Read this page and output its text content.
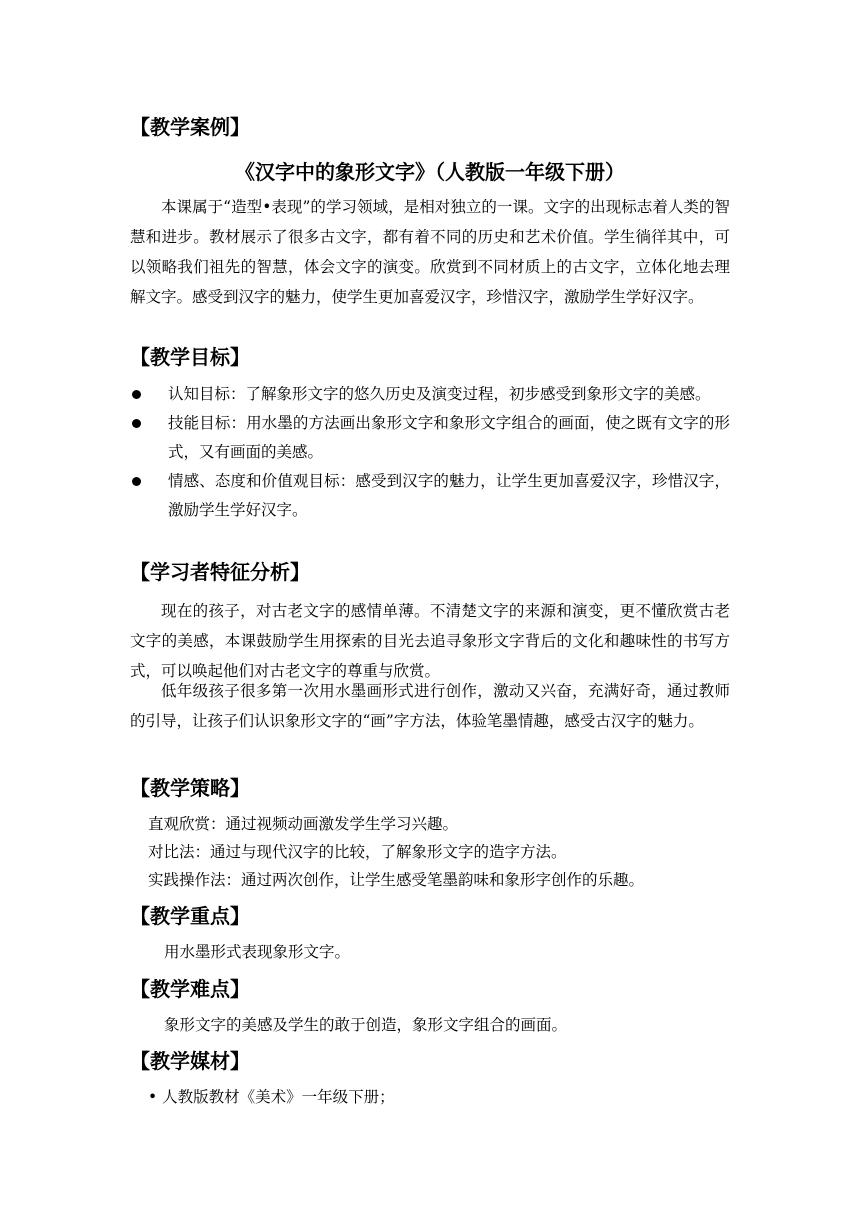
【教学案例】
《汉字中的象形文字》（人教版一年级下册）

本课属于“造型•表现”的学习领域，是相对独立的一课。文字的出现标志着人类的智慧和进步。教材展示了很多古文字，都有着不同的历史和艺术价值。学生徜徉其中，可以领略我们祖先的智慧，体会文字的演变。欣赏到不同材质上的古文字，立体化地去理解文字。感受到汉字的魅力，使学生更加喜爱汉字，珍惜汉字，激励学生学好汉字。

【教学目标】
认知目标：了解象形文字的悠久历史及演变过程，初步感受到象形文字的美感。
技能目标：用水墨的方法画出象形文字和象形文字组合的画面，使之既有文字的形式，又有画面的美感。
情感、态度和价值观目标：感受到汉字的魅力，让学生更加喜爱汉字，珍惜汉字，激励学生学好汉字。
【学习者特征分析】

现在的孩子，对古老文字的感情单薄。不清楚文字的来源和演变，更不懂欣赏古老文字的美感，本课鼓励学生用探索的目光去追寻象形文字背后的文化和趣味性的书写方式，可以唤起他们对古老文字的尊重与欣赏。

低年级孩子很多第一次用水墨画形式进行创作，激动又兴奋，充满好奇，通过教师的引导，让孩子们认识象形文字的“画”字方法，体验笔墨情趣，感受古汉字的魅力。

【教学策略】

直观欣赏：通过视频动画激发学生学习兴趣。

对比法：通过与现代汉字的比较，了解象形文字的造字方法。

实践操作法：通过两次创作，让学生感受笔墨韵味和象形字创作的乐趣。

【教学重点】

用水墨形式表现象形文字。

【教学难点】

象形文字的美感及学生的敢于创造，象形文字组合的画面。

【教学媒材】

• 人教版教材《美术》一年级下册；
